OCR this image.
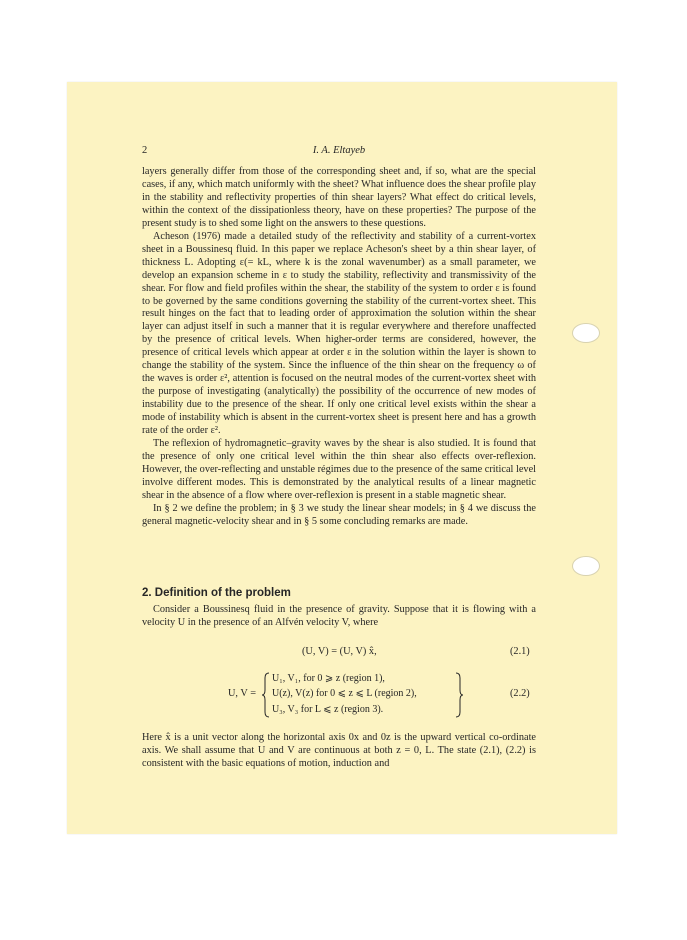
2	I. A. Eltayeb

layers generally differ from those of the corresponding sheet and, if so, what are the special cases, if any, which match uniformly with the sheet? What influence does the shear profile play in the stability and reflectivity properties of thin shear layers? What effect do critical levels, within the context of the dissipationless theory, have on these properties? The purpose of the present study is to shed some light on the answers to these questions.

Acheson (1976) made a detailed study of the reflectivity and stability of a current-vortex sheet in a Boussinesq fluid. In this paper we replace Acheson's sheet by a thin shear layer, of thickness L. Adopting ε(= kL, where k is the zonal wavenumber) as a small parameter, we develop an expansion scheme in ε to study the stability, reflectivity and transmissivity of the shear. For flow and field profiles within the shear, the stability of the system to order ε is found to be governed by the same conditions governing the stability of the current-vortex sheet. This result hinges on the fact that to leading order of approximation the solution within the shear layer can adjust itself in such a manner that it is regular everywhere and therefore unaffected by the presence of critical levels. When higher-order terms are considered, however, the presence of critical levels which appear at order ε in the solution within the layer is shown to change the stability of the system. Since the influence of the thin shear on the frequency ω of the waves is order ε², attention is focused on the neutral modes of the current-vortex sheet with the purpose of investigating (analytically) the possibility of the occurrence of new modes of instability due to the presence of the shear. If only one critical level exists within the shear a mode of instability which is absent in the current-vortex sheet is present here and has a growth rate of the order ε².

The reflexion of hydromagnetic–gravity waves by the shear is also studied. It is found that the presence of only one critical level within the thin shear also effects over-reflexion. However, the over-reflecting and unstable régimes due to the presence of the same critical level involve different modes. This is demonstrated by the analytical results of a linear magnetic shear in the absence of a flow where over-reflexion is present in a stable magnetic shear.

In § 2 we define the problem; in § 3 we study the linear shear models; in § 4 we discuss the general magnetic-velocity shear and in § 5 some concluding remarks are made.

2. Definition of the problem

Consider a Boussinesq fluid in the presence of gravity. Suppose that it is flowing with a velocity U in the presence of an Alfvén velocity V, where

(U, V) = (U, V) x̂,	(2.1)
U, V =
U₁, V₁, for 0 ⩾ z (region 1),
U(z), V(z) for 0 ⩽ z ⩽ L (region 2),
U₃, V₃ for L ⩽ z (region 3).
(2.2)

Here x̂ is a unit vector along the horizontal axis 0x and 0z is the upward vertical co-ordinate axis. We shall assume that U and V are continuous at both z = 0, L. The state (2.1), (2.2) is consistent with the basic equations of motion, induction and
